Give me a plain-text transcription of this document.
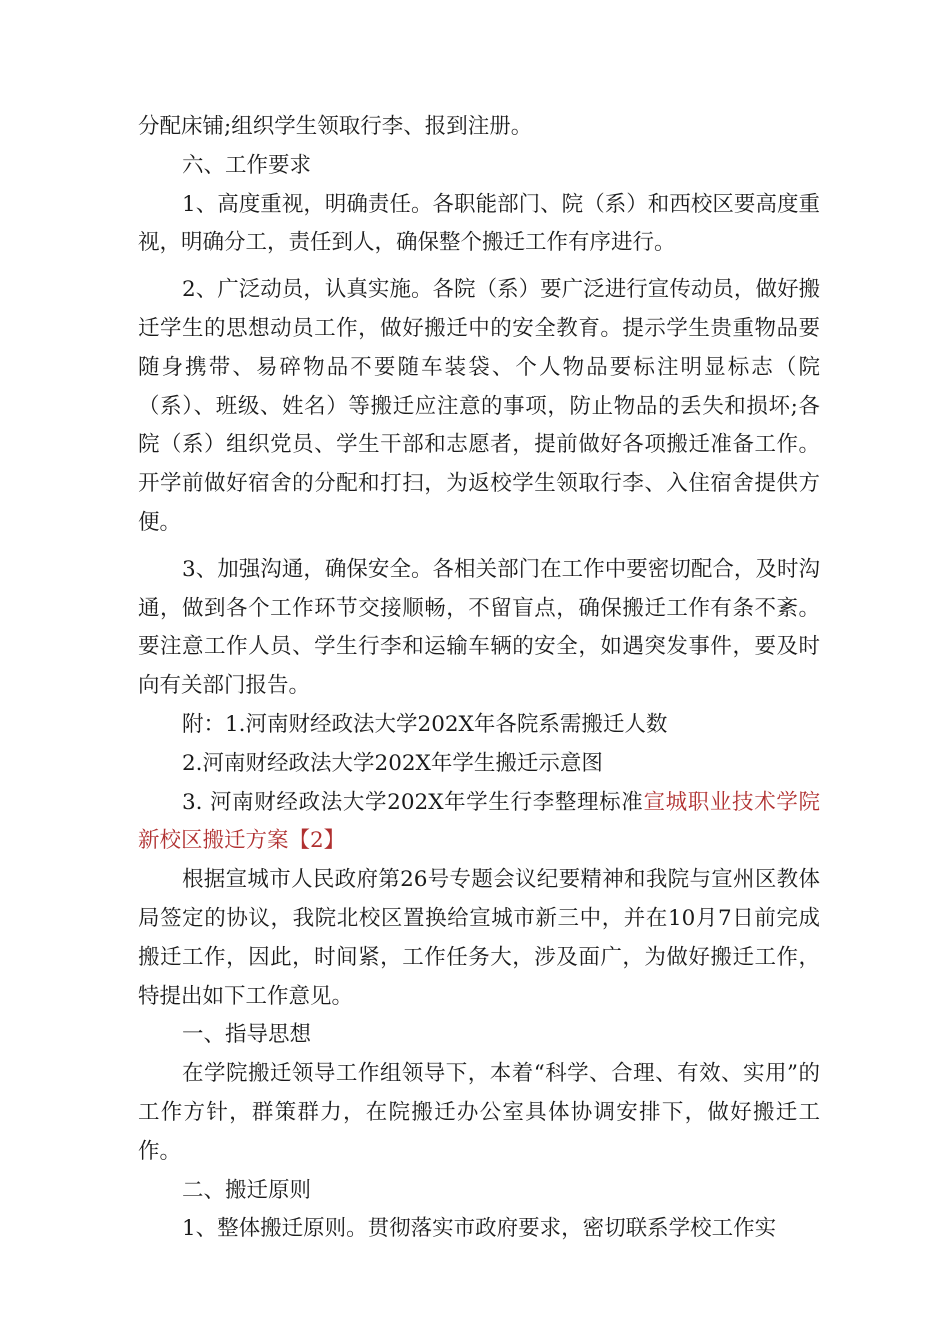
分配床铺;组织学生领取行李、报到注册。

六、工作要求

1、高度重视，明确责任。各职能部门、院（系）和西校区要高度重视，明确分工，责任到人，确保整个搬迁工作有序进行。

2、广泛动员，认真实施。各院（系）要广泛进行宣传动员，做好搬迁学生的思想动员工作，做好搬迁中的安全教育。提示学生贵重物品要随身携带、易碎物品不要随车装袋、个人物品要标注明显标志（院（系）、班级、姓名）等搬迁应注意的事项，防止物品的丢失和损坏;各院（系）组织党员、学生干部和志愿者，提前做好各项搬迁准备工作。开学前做好宿舍的分配和打扫，为返校学生领取行李、入住宿舍提供方便。

3、加强沟通，确保安全。各相关部门在工作中要密切配合，及时沟通，做到各个工作环节交接顺畅，不留盲点，确保搬迁工作有条不紊。要注意工作人员、学生行李和运输车辆的安全，如遇突发事件，要及时向有关部门报告。

附：1.河南财经政法大学202X年各院系需搬迁人数

2.河南财经政法大学202X年学生搬迁示意图

3. 河南财经政法大学202X年学生行李整理标准宣城职业技术学院新校区搬迁方案【2】

根据宣城市人民政府第26号专题会议纪要精神和我院与宣州区教体局签定的协议，我院北校区置换给宣城市新三中，并在10月7日前完成搬迁工作，因此，时间紧，工作任务大，涉及面广，为做好搬迁工作，特提出如下工作意见。

一、指导思想

在学院搬迁领导工作组领导下，本着“科学、合理、有效、实用”的工作方针，群策群力，在院搬迁办公室具体协调安排下，做好搬迁工作。

二、搬迁原则

1、整体搬迁原则。贯彻落实市政府要求，密切联系学校工作实
